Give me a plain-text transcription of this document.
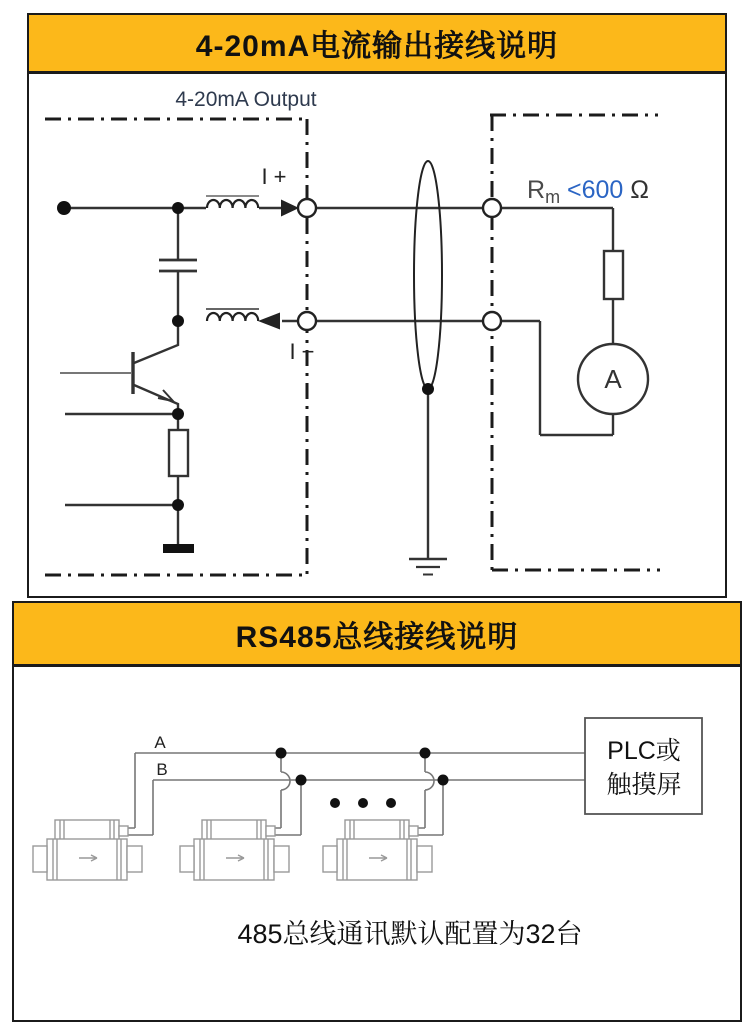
4-20mA电流输出接线说明
A
4-20mA Output
I +
I −
$R_m <600$ Ω
RS485总线接线说明
PLC或
触摸屏
A
B
485总线通讯默认配置为32台
